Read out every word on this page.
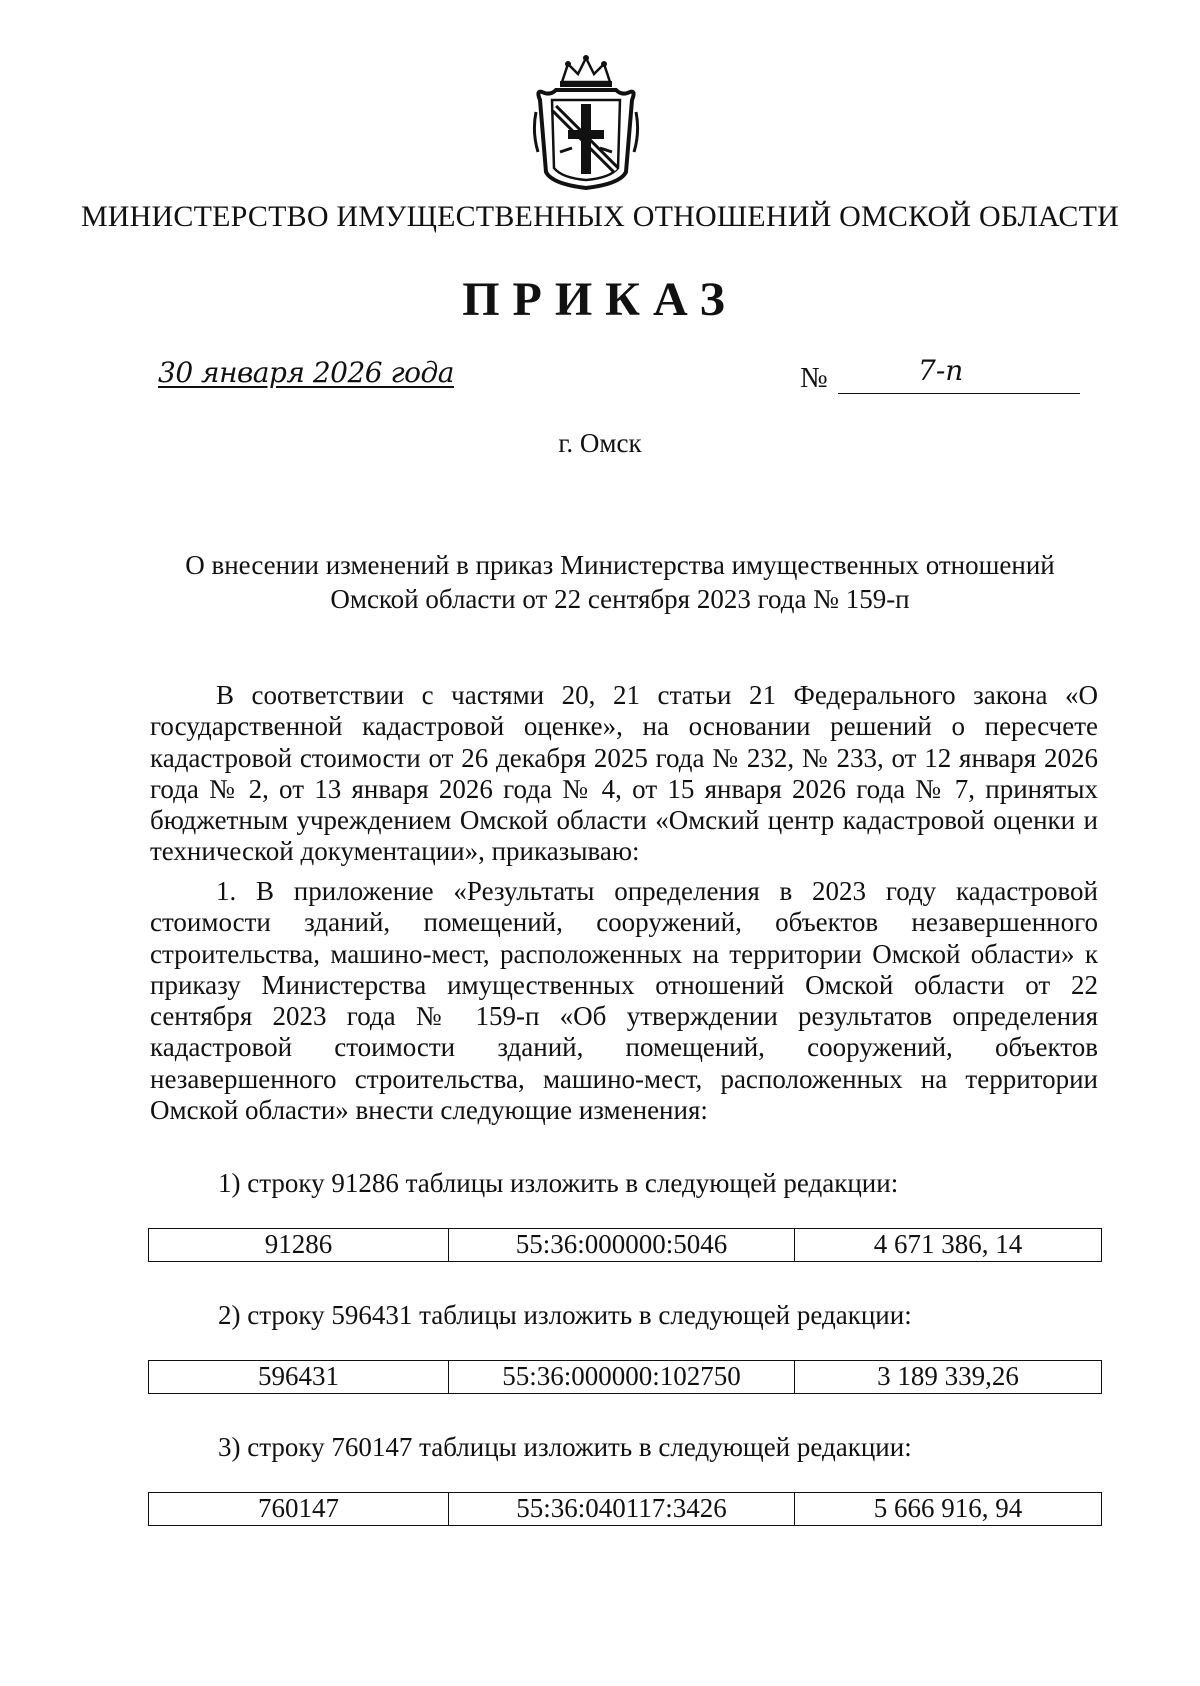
МИНИСТЕРСТВО ИМУЩЕСТВЕННЫХ ОТНОШЕНИЙ ОМСКОЙ ОБЛАСТИ
ПРИКАЗ
30 января 2026 года	№	7-п
г. Омск
О внесении изменений в приказ Министерства имущественных отношений Омской области от 22 сентября 2023 года № 159-п
В соответствии с частями 20, 21 статьи 21 Федерального закона «О государственной кадастровой оценке», на основании решений о пересчете кадастровой стоимости от 26 декабря 2025 года № 232, № 233, от 12 января 2026 года № 2, от 13 января 2026 года № 4, от 15 января 2026 года № 7, принятых бюджетным учреждением Омской области «Омский центр кадастровой оценки и технической документации», приказываю:
1. В приложение «Результаты определения в 2023 году кадастровой стоимости зданий, помещений, сооружений, объектов незавершенного строительства, машино-мест, расположенных на территории Омской области» к приказу Министерства имущественных отношений Омской области от 22 сентября 2023 года № 159-п «Об утверждении результатов определения кадастровой стоимости зданий, помещений, сооружений, объектов незавершенного строительства, машино-мест, расположенных на территории Омской области» внести следующие изменения:
1) строку 91286 таблицы изложить в следующей редакции:
91286	55:36:000000:5046	4 671 386, 14
2) строку 596431 таблицы изложить в следующей редакции:
596431	55:36:000000:102750	3 189 339,26
3) строку 760147 таблицы изложить в следующей редакции:
760147	55:36:040117:3426	5 666 916, 94
